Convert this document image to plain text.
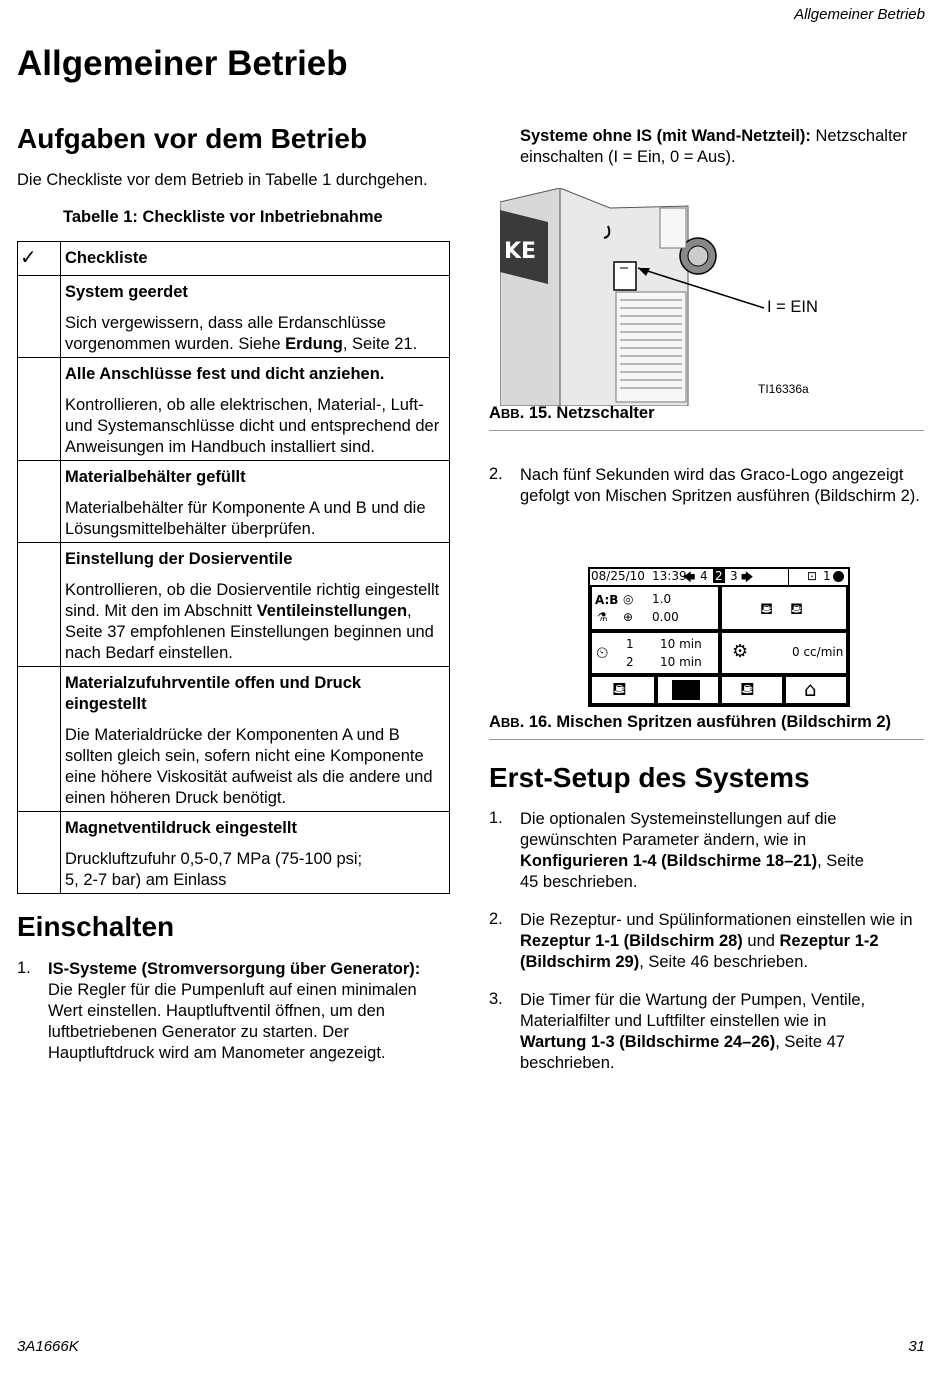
Allgemeiner Betrieb
Allgemeiner Betrieb
Aufgaben vor dem Betrieb
Die Checkliste vor dem Betrieb in Tabelle 1 durchgehen.
Tabelle 1: Checkliste vor Inbetriebnahme
✓	Checkliste

	System geerdet
Sich vergewissern, dass alle Erdanschlüsse vorgenommen wurden. Siehe Erdung, Seite 21.

	Alle Anschlüsse fest und dicht anziehen.
Kontrollieren, ob alle elektrischen, Material-, Luft- und Systemanschlüsse dicht und entsprechend der Anweisungen im Handbuch installiert sind.

	Materialbehälter gefüllt
Materialbehälter für Komponente A und B und die Lösungsmittelbehälter überprüfen.

	Einstellung der Dosierventile
Kontrollieren, ob die Dosierventile richtig eingestellt sind. Mit den im Abschnitt Ventileinstellungen, Seite 37 empfohlenen Einstellungen beginnen und nach Bedarf einstellen.

	Materialzufuhrventile offen und Druck eingestellt
Die Materialdrücke der Komponenten A und B sollten gleich sein, sofern nicht eine Komponente eine höhere Viskosität aufweist als die andere und einen höheren Druck benötigt.

	Magnetventildruck eingestellt
Druckluftzufuhr 0,5-0,7 MPa (75-100 psi;
5, 2-7 bar) am Einlass
Einschalten
1. IS-Systeme (Stromversorgung über Generator): Die Regler für die Pumpenluft auf einen minimalen Wert einstellen. Hauptluftventil öffnen, um den luftbetriebenen Generator zu starten. Der Hauptluftdruck wird am Manometer angezeigt.
Systeme ohne IS (mit Wand-Netzteil): Netzschalter einschalten (I = Ein, 0 = Aus).
KE
I = EIN
TI16336a
ABB. 15. Netzschalter
2. Nach fünf Sekunden wird das Graco-Logo angezeigt gefolgt von Mischen Spritzen ausführen (Bildschirm 2).
08/25/10 13:39
🡄 4 2 3 🡆	⊡ 1
A:B ◎ 1.0
⚗ ⊕ 0.00	⛾ ⛾
⏲ 1 10 min
2 10 min ⚙	0 cc/min
⛾	⛾ ⌂
ABB. 16. Mischen Spritzen ausführen (Bildschirm 2)
Erst-Setup des Systems
1. Die optionalen Systemeinstellungen auf die gewünschten Parameter ändern, wie in Konfigurieren 1-4 (Bildschirme 18–21), Seite 45 beschrieben.
2. Die Rezeptur- und Spülinformationen einstellen wie in Rezeptur 1-1 (Bildschirm 28) und Rezeptur 1-2 (Bildschirm 29), Seite 46 beschrieben.
3. Die Timer für die Wartung der Pumpen, Ventile, Materialfilter und Luftfilter einstellen wie in Wartung 1-3 (Bildschirme 24–26), Seite 47 beschrieben.
3A1666K	31
